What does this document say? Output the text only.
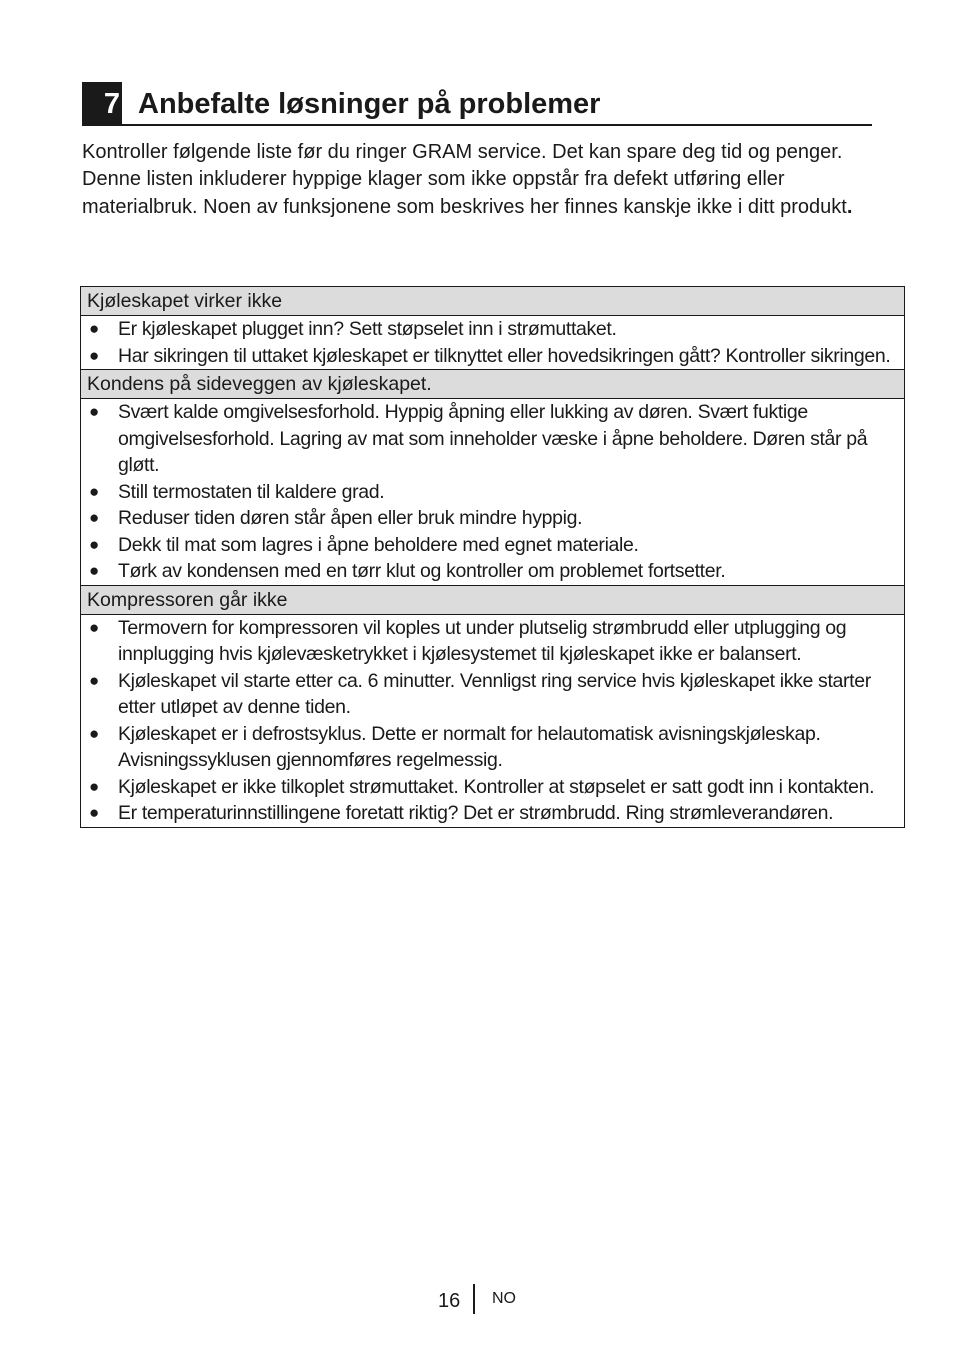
7 Anbefalte løsninger på problemer

Kontroller følgende liste før du ringer GRAM service. Det kan spare deg tid og penger. Denne listen inkluderer hyppige klager som ikke oppstår fra defekt utføring eller materialbruk. Noen av funksjonene som beskrives her finnes kanskje ikke i ditt produkt.

Kjøleskapet virker ikke
● Er kjøleskapet plugget inn? Sett støpselet inn i strømuttaket.
● Har sikringen til uttaket kjøleskapet er tilknyttet eller hovedsikringen gått? Kontroller sikringen.
Kondens på sideveggen av kjøleskapet.
● Svært kalde omgivelsesforhold. Hyppig åpning eller lukking av døren. Svært fuktige omgivelsesforhold. Lagring av mat som inneholder væske i åpne beholdere. Døren står på gløtt.
● Still termostaten til kaldere grad.
● Reduser tiden døren står åpen eller bruk mindre hyppig.
● Dekk til mat som lagres i åpne beholdere med egnet materiale.
● Tørk av kondensen med en tørr klut og kontroller om problemet fortsetter.
Kompressoren går ikke
● Termovern for kompressoren vil koples ut under plutselig strømbrudd eller utplugging og innplugging hvis kjølevæsketrykket i kjølesystemet til kjøleskapet ikke er balansert.
● Kjøleskapet vil starte etter ca. 6 minutter. Vennligst ring service hvis kjøleskapet ikke starter etter utløpet av denne tiden.
● Kjøleskapet er i defrostsyklus. Dette er normalt for helautomatisk avisningskjøleskap. Avisningssyklusen gjennomføres regelmessig.
● Kjøleskapet er ikke tilkoplet strømuttaket. Kontroller at støpselet er satt godt inn i kontakten.
● Er temperaturinnstillingene foretatt riktig? Det er strømbrudd. Ring strømleverandøren.
16 NO
